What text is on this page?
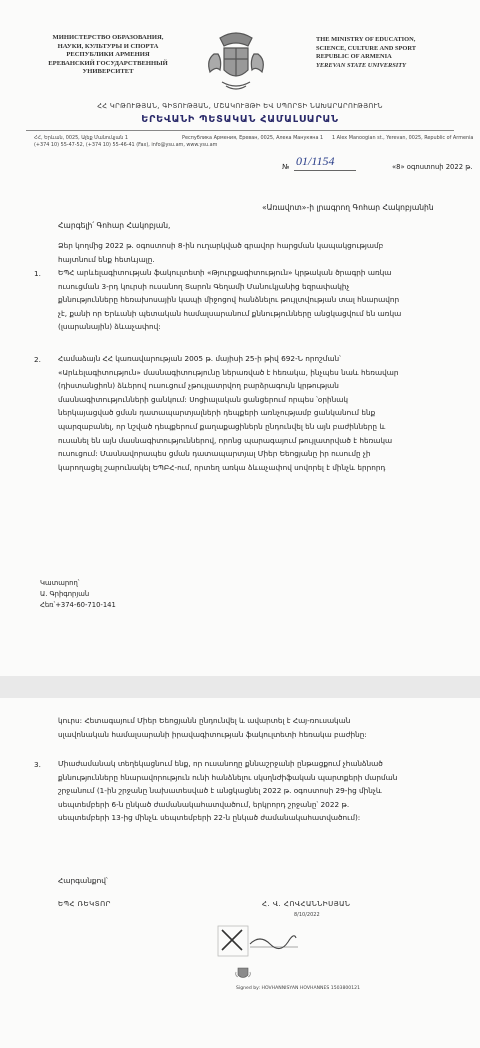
МИНИСТЕРСТВО ОБРАЗОВАНИЯ,
НАУКИ, КУЛЬТУРЫ И СПОРТА
РЕСПУБЛИКИ АРМЕНИЯ
ЕРЕВАНСКИЙ ГОСУДАРСТВЕННЫЙ
УНИВЕРСИТЕТ
THE MINISTRY OF EDUCATION,
SCIENCE, CULTURE AND SPORT
REPUBLIC OF ARMENIA
YEREVAN STATE UNIVERSITY
ՀՀ ԿՐԹՈՒԹՅԱՆ, ԳԻՏՈՒԹՅԱՆ, ՄՇԱԿՈՒՅԹԻ ԵՎ ՍՊՈՐՏԻ ՆԱԽԱՐԱՐՈՒԹՅՈՒՆ
ԵՐԵՎԱՆԻ ՊԵՏԱԿԱՆ ՀԱՄԱԼՍԱՐԱՆ
ՀՀ, Երևան, 0025, Ալեք Մանուկյան 1
(+374 10) 55-47-52, (+374 10) 55-46-41 (Fax), info@ysu.am, www.ysu.am
Республика Армения, Ереван, 0025, Алека Манукяна 1 1 Alex Manoogian st., Yerevan, 0025, Republic of Armenia
№ 01/1154	«8» օգոստոսի 2022 թ.
«Առավոտ»-ի լրագրող Գոհար Հակոբյանին
Հարգելի՛ Գոհար Հակոբյան,
Ձեր կողմից 2022 թ. օգոստոսի 8-ին ուղարկված գրավոր հարցման կապակցությամբ
հայտնում ենք հետևյալը.
1. ԵՊՀ արևելագիտության ֆակուլտետի «Թյուրքագիտություն» կրթական ծրագրի առկա
ուսուցման 3-րդ կուրսի ուսանող Տարոն Գեղամի Մանուկյանից եզրափակիչ
քննությունները հեռախոսային կապի միջոցով հանձնելու թույլտվության տալ հնարավոր
չէ, քանի որ Երևանի պետական համալսարանում քննությունները անցկացվում են առկա
(լսարանային) ձևաչափով:
2. Համաձայն ՀՀ կառավարության 2005 թ. մայիսի 25-ի թիվ 692-Ն որոշման՝
«Արևելագիտություն» մասնագիտությունը ներառված է հեռակա, ինչպես նաև հեռավար
(դիստանցիոն) ձևերով ուսուցում չթույլատրվող բարձրագույն կրթության
մասնագիտությունների ցանկում: Սոցիալական ցանցերում որպես ՝օրինակ
ներկայացված ցման դատապարտյալների դեպքերի առնչությամբ ցանկանում ենք
պարզաբանել, որ նշված դեպքերում քաղաքացիներն ընդունվել են այն բաժինները և
ուսանել են այն մասնագիտություններով, որոնց պարագայում թույլատրված է հեռակա
ուսուցում: Մասնավորապես ցման դատապարտյալ Միեր Եեոցյանը իր ուսումը չի
կարողացել շարունակել ԵՊԲՀ-ում, որտեղ առկա ձևաչափով սովորել է մինչև երրորդ
Կատարող՝
Ա. Գրիգորյան
Հեռ՝+374-60-710-141
կուրս: Հետագայում Միեր Եեոցյանն ընդունվել և ավարտել է Հայ-ռուսական
սլավոնական համալսարանի իրավագիտության ֆակուլտետի հեռակա բաժինը:
3. Միաժամանակ տեղեկացնում ենք, որ ուսանողը քննաշրջանի ընթացքում չհանձնած
քննությունները հնարավորություն ունի հանձնելու սկսղնժիֆական պարտքերի մարման
շրջանում (1-ին շրջանը նախատեսված է անցկացնել 2022 թ. օգոստոսի 29-ից մինչև
սեպտեմբերի 6-ն ընկած ժամանակահատվածում, երկրորդ շրջանը՝ 2022 թ.
սեպտեմբերի 13-ից մինչև սեպտեմբերի 22-ն ընկած ժամանակահատվածում):
Հարգանքով՝
ԵՊՀ ՌԵԿՏՈՐ	Հ. Վ. ՀՈՎՀԱՆՆԻՍՅԱՆ
8/10/2022
Signed by: HOVHANNISYAN HOVHANNES 1503800121
